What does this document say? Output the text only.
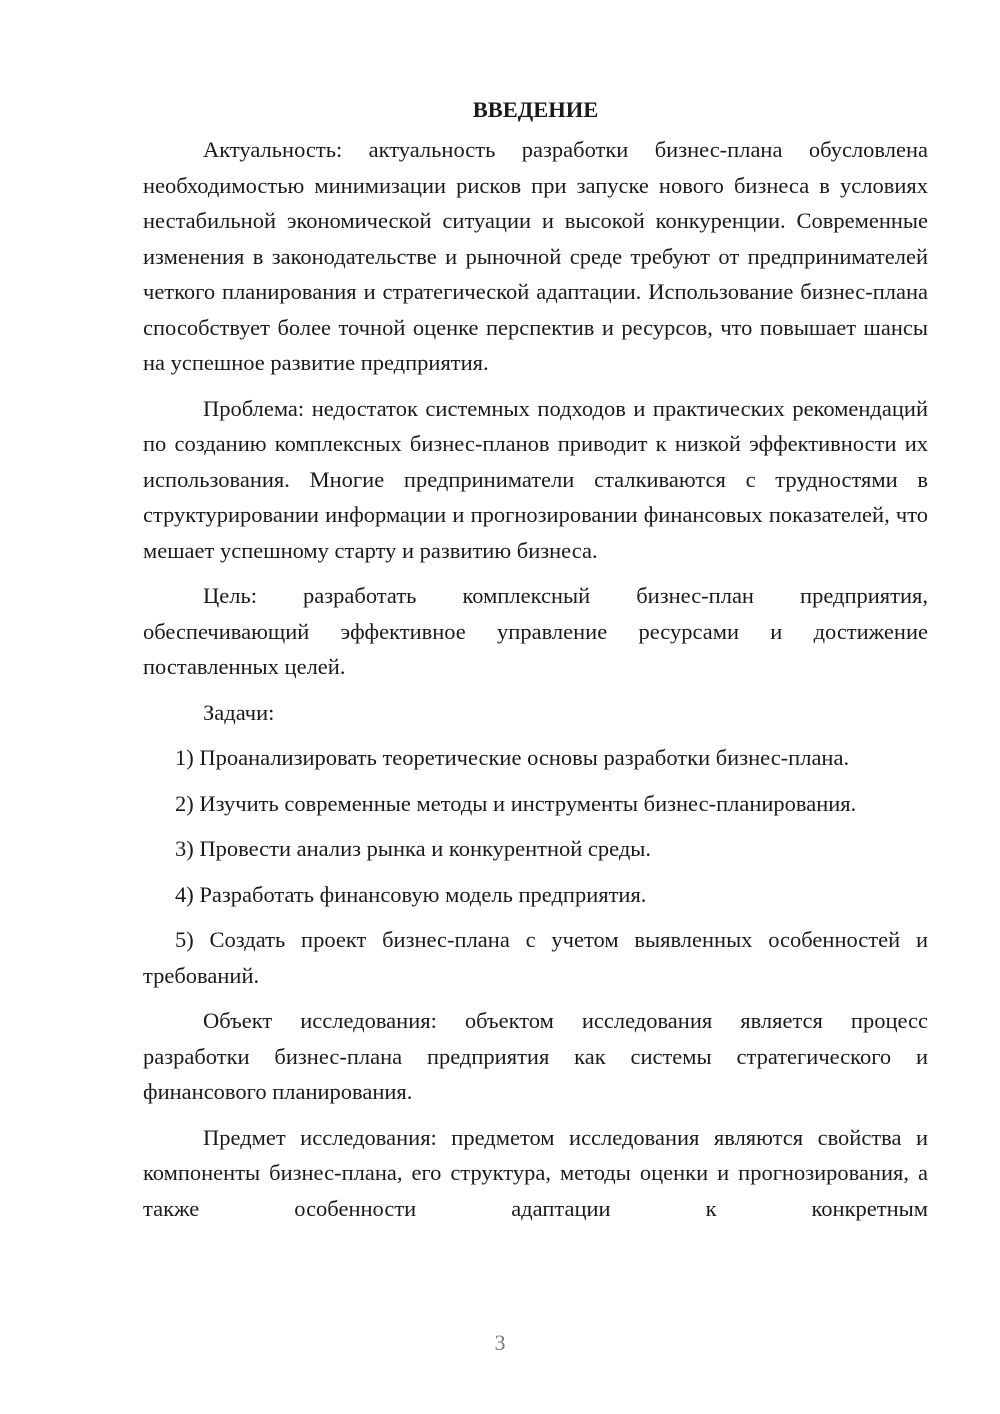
ВВЕДЕНИЕ

Актуальность: актуальность разработки бизнес-плана обусловлена необходимостью минимизации рисков при запуске нового бизнеса в условиях нестабильной экономической ситуации и высокой конкуренции. Современные изменения в законодательстве и рыночной среде требуют от предпринимателей четкого планирования и стратегической адаптации. Использование бизнес-плана способствует более точной оценке перспектив и ресурсов, что повышает шансы на успешное развитие предприятия.

Проблема: недостаток системных подходов и практических рекомендаций по созданию комплексных бизнес-планов приводит к низкой эффективности их использования. Многие предприниматели сталкиваются с трудностями в структурировании информации и прогнозировании финансовых показателей, что мешает успешному старту и развитию бизнеса.

Цель: разработать комплексный бизнес-план предприятия, обеспечивающий эффективное управление ресурсами и достижение поставленных целей.

Задачи:

1) Проанализировать теоретические основы разработки бизнес-плана.

2) Изучить современные методы и инструменты бизнес-планирования.

3) Провести анализ рынка и конкурентной среды.

4) Разработать финансовую модель предприятия.

5) Создать проект бизнес-плана с учетом выявленных особенностей и требований.

Объект исследования: объектом исследования является процесс разработки бизнес-плана предприятия как системы стратегического и финансового планирования.

Предмет исследования: предметом исследования являются свойства и компоненты бизнес-плана, его структура, методы оценки и прогнозирования, а также особенности адаптации к конкретным

3
